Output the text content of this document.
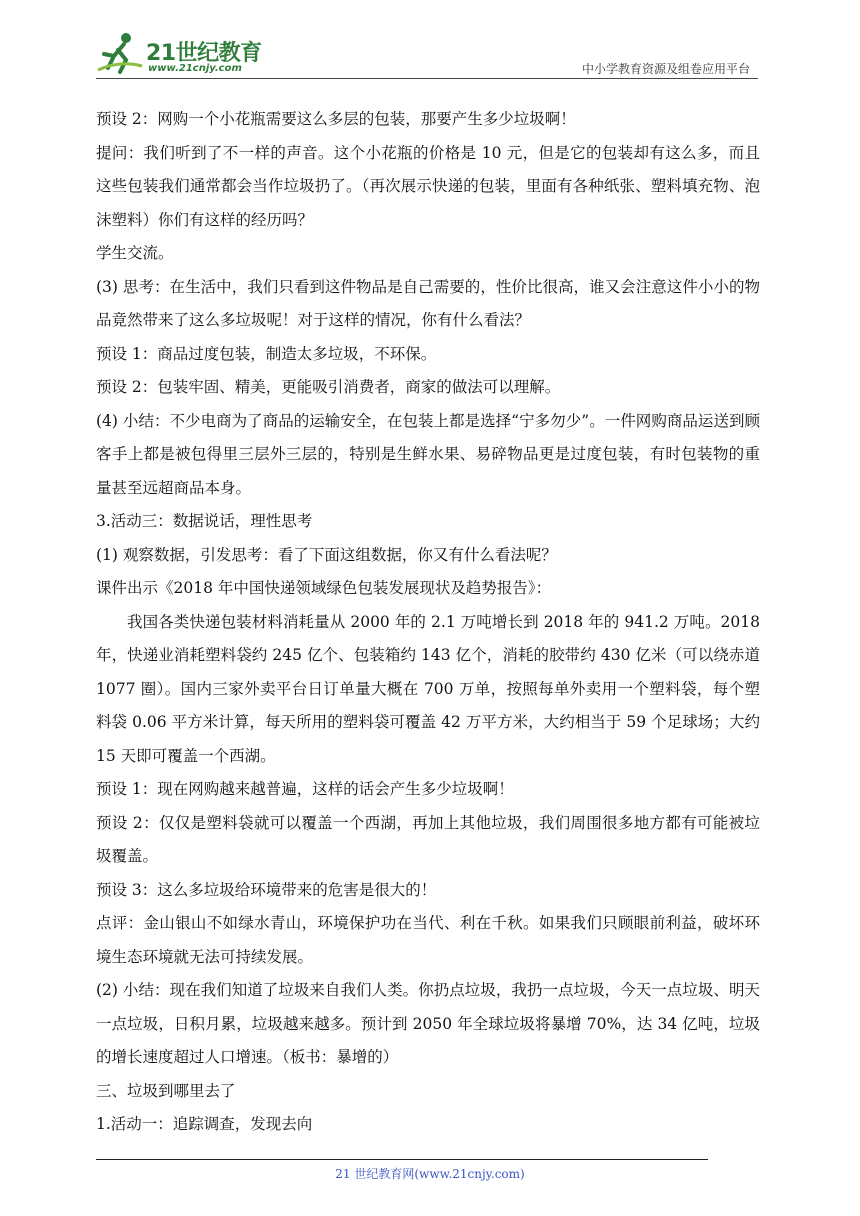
21世纪教育
www.21cnjy.com	中小学教育资源及组卷应用平台

预设 2：网购一个小花瓶需要这么多层的包装，那要产生多少垃圾啊！

提问：我们听到了不一样的声音。这个小花瓶的价格是 10 元，但是它的包装却有这么多，而且这些包装我们通常都会当作垃圾扔了。（再次展示快递的包装，里面有各种纸张、塑料填充物、泡沫塑料）你们有这样的经历吗？

学生交流。

(3) 思考：在生活中，我们只看到这件物品是自己需要的，性价比很高，谁又会注意这件小小的物品竟然带来了这么多垃圾呢！对于这样的情况，你有什么看法？

预设 1：商品过度包装，制造太多垃圾，不环保。

预设 2：包装牢固、精美，更能吸引消费者，商家的做法可以理解。

(4) 小结：不少电商为了商品的运输安全，在包装上都是选择“宁多勿少”。一件网购商品运送到顾客手上都是被包得里三层外三层的，特别是生鲜水果、易碎物品更是过度包装，有时包装物的重量甚至远超商品本身。

3.活动三：数据说话，理性思考

(1) 观察数据，引发思考：看了下面这组数据，你又有什么看法呢？

课件出示《2018 年中国快递领域绿色包装发展现状及趋势报告》：

我国各类快递包装材料消耗量从 2000 年的 2.1 万吨增长到 2018 年的 941.2 万吨。2018 年，快递业消耗塑料袋约 245 亿个、包装箱约 143 亿个，消耗的胶带约 430 亿米（可以绕赤道 1077 圈）。国内三家外卖平台日订单量大概在 700 万单，按照每单外卖用一个塑料袋，每个塑料袋 0.06 平方米计算，每天所用的塑料袋可覆盖 42 万平方米，大约相当于 59 个足球场；大约 15 天即可覆盖一个西湖。

预设 1：现在网购越来越普遍，这样的话会产生多少垃圾啊！

预设 2：仅仅是塑料袋就可以覆盖一个西湖，再加上其他垃圾，我们周围很多地方都有可能被垃圾覆盖。

预设 3：这么多垃圾给环境带来的危害是很大的！

点评：金山银山不如绿水青山，环境保护功在当代、利在千秋。如果我们只顾眼前利益，破坏环境生态环境就无法可持续发展。

(2) 小结：现在我们知道了垃圾来自我们人类。你扔点垃圾，我扔一点垃圾，今天一点垃圾、明天一点垃圾，日积月累，垃圾越来越多。预计到 2050 年全球垃圾将暴增 70%，达 34 亿吨，垃圾的增长速度超过人口增速。（板书：暴增的）

三、垃圾到哪里去了

1.活动一：追踪调查，发现去向

21 世纪教育网(www.21cnjy.com)
